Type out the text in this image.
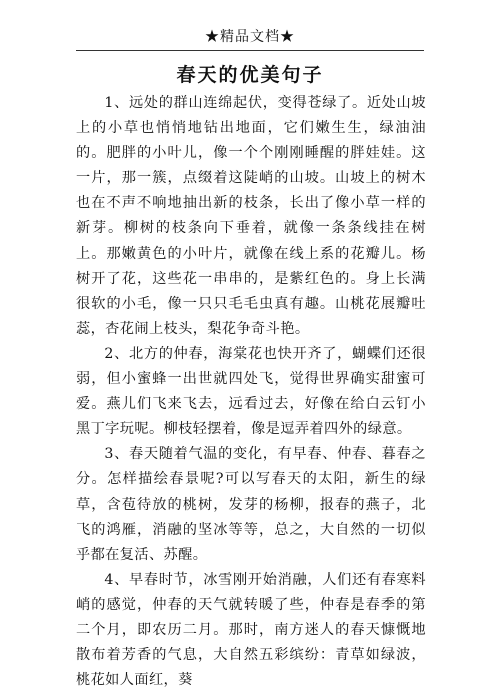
★精品文档★
春天的优美句子

1、远处的群山连绵起伏，变得苍绿了。近处山坡上的小草也悄悄地钻出地面，它们嫩生生，绿油油的。肥胖的小叶儿，像一个个刚刚睡醒的胖娃娃。这一片，那一簇，点缀着这陡峭的山坡。山坡上的树木也在不声不响地抽出新的枝条，长出了像小草一样的新芽。柳树的枝条向下垂着，就像一条条线挂在树上。那嫩黄色的小叶片，就像在线上系的花瓣儿。杨树开了花，这些花一串串的，是紫红色的。身上长满很软的小毛，像一只只毛毛虫真有趣。山桃花展瓣吐蕊，杏花闹上枝头，梨花争奇斗艳。

2、北方的仲春，海棠花也快开齐了，蝴蝶们还很弱，但小蜜蜂一出世就四处飞，觉得世界确实甜蜜可爱。燕儿们飞来飞去，远看过去，好像在给白云钉小黑丁字玩呢。柳枝轻摆着，像是逗弄着四外的绿意。

3、春天随着气温的变化，有早春、仲春、暮春之分。怎样描绘春景呢?可以写春天的太阳，新生的绿草，含苞待放的桃树，发芽的杨柳，报春的燕子，北飞的鸿雁，消融的坚冰等等，总之，大自然的一切似乎都在复活、苏醒。

4、早春时节，冰雪刚开始消融，人们还有春寒料峭的感觉，仲春的天气就转暖了些，仲春是春季的第二个月，即农历二月。那时，南方迷人的春天慷慨地散布着芳香的气息，大自然五彩缤纷：青草如绿波，桃花如人面红，葵
